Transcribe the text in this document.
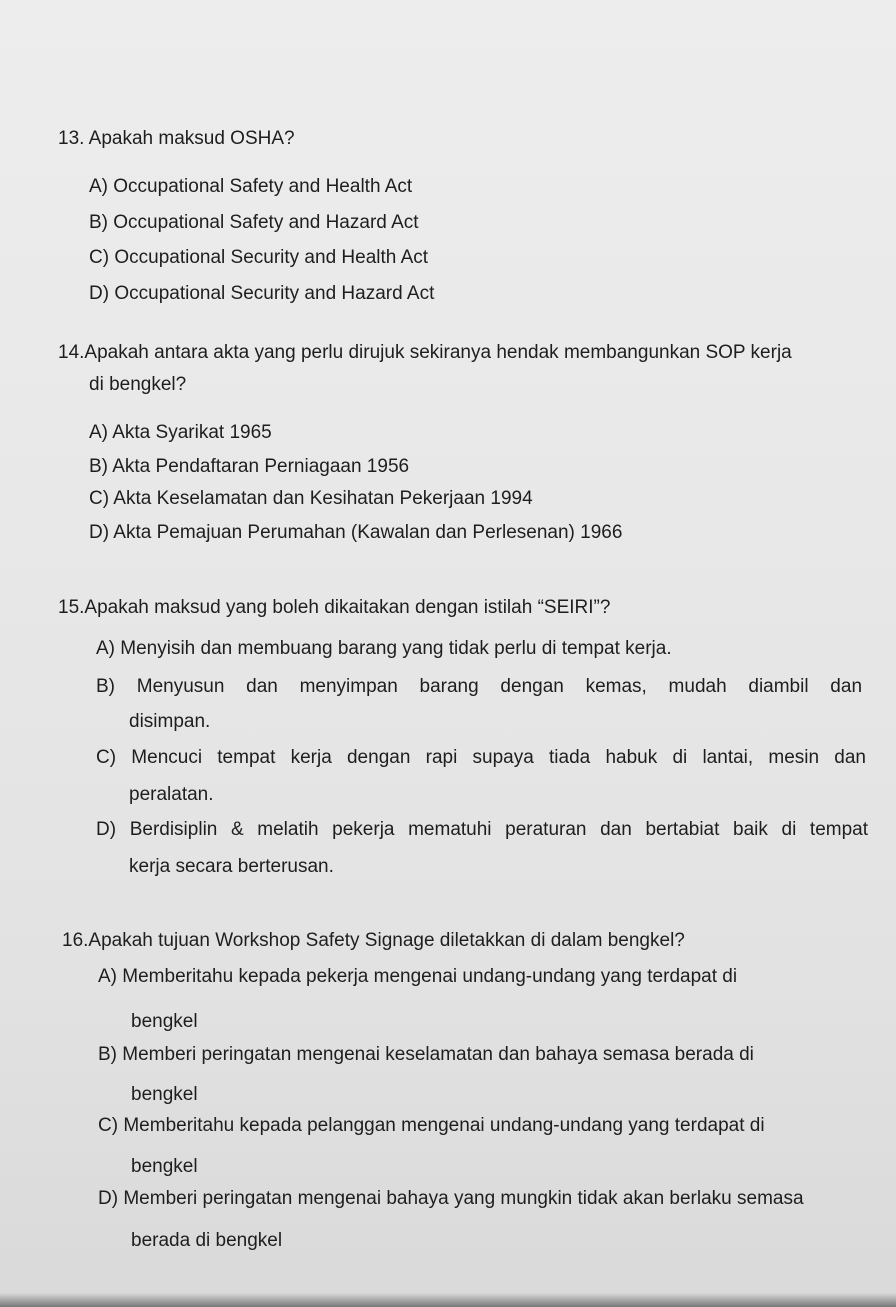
13. Apakah maksud OSHA?
A) Occupational Safety and Health Act
B) Occupational Safety and Hazard Act
C) Occupational Security and Health Act
D) Occupational Security and Hazard Act
14.Apakah antara akta yang perlu dirujuk sekiranya hendak membangunkan SOP kerja
di bengkel?
A) Akta Syarikat 1965
B) Akta Pendaftaran Perniagaan 1956
C) Akta Keselamatan dan Kesihatan Pekerjaan 1994
D) Akta Pemajuan Perumahan (Kawalan dan Perlesenan) 1966
15.Apakah maksud yang boleh dikaitakan dengan istilah “SEIRI”?
A) Menyisih dan membuang barang yang tidak perlu di tempat kerja.
B) Menyusun dan menyimpan barang dengan kemas, mudah diambil dan
disimpan.
C) Mencuci tempat kerja dengan rapi supaya tiada habuk di lantai, mesin dan
peralatan.
D) Berdisiplin & melatih pekerja mematuhi peraturan dan bertabiat baik di tempat
kerja secara berterusan.
16.Apakah tujuan Workshop Safety Signage diletakkan di dalam bengkel?
A) Memberitahu kepada pekerja mengenai undang-undang yang terdapat di
bengkel
B) Memberi peringatan mengenai keselamatan dan bahaya semasa berada di
bengkel
C) Memberitahu kepada pelanggan mengenai undang-undang yang terdapat di
bengkel
D) Memberi peringatan mengenai bahaya yang mungkin tidak akan berlaku semasa
berada di bengkel
